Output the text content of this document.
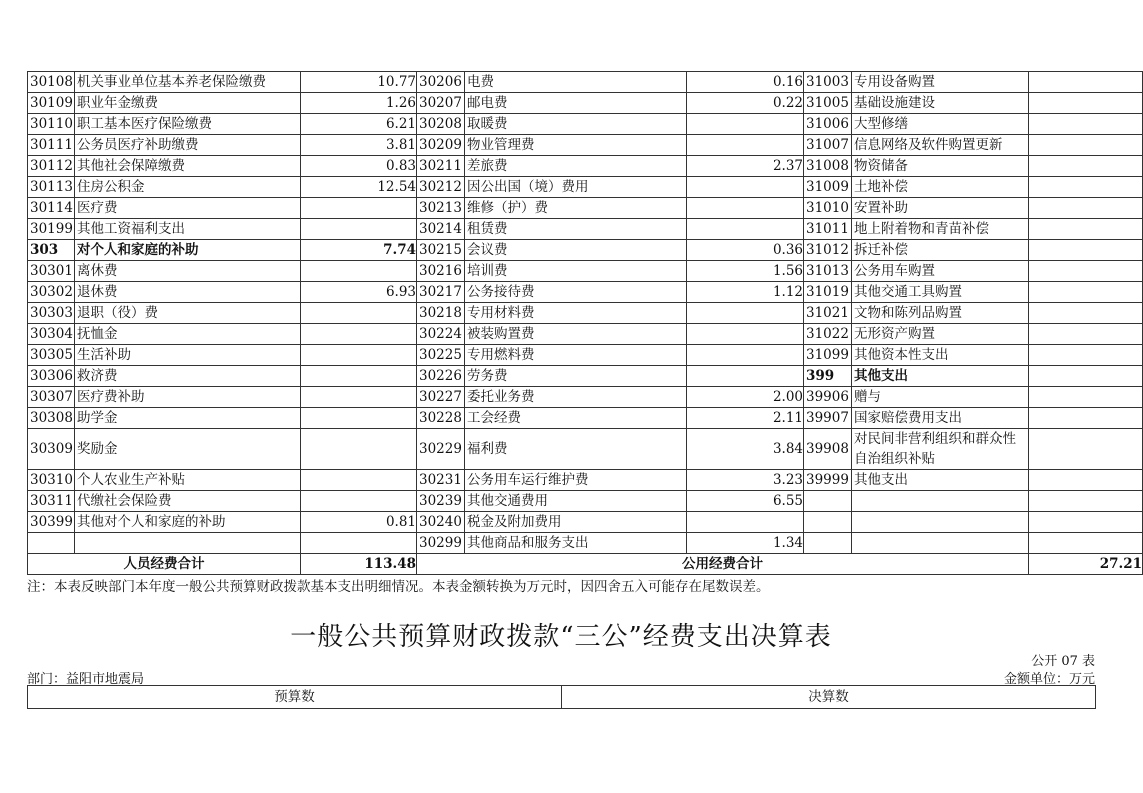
30108	机关事业单位基本养老保险缴费	10.77	30206	电费	0.16	31003	专用设备购置	
30109	职业年金缴费	1.26	30207	邮电费	0.22	31005	基础设施建设	
30110	职工基本医疗保险缴费	6.21	30208	取暖费		31006	大型修缮	
30111	公务员医疗补助缴费	3.81	30209	物业管理费		31007	信息网络及软件购置更新	
30112	其他社会保障缴费	0.83	30211	差旅费	2.37	31008	物资储备	
30113	住房公积金	12.54	30212	因公出国（境）费用		31009	土地补偿	
30114	医疗费		30213	维修（护）费		31010	安置补助	
30199	其他工资福利支出		30214	租赁费		31011	地上附着物和青苗补偿	
303	对个人和家庭的补助	7.74	30215	会议费	0.36	31012	拆迁补偿	
30301	离休费		30216	培训费	1.56	31013	公务用车购置	
30302	退休费	6.93	30217	公务接待费	1.12	31019	其他交通工具购置	
30303	退职（役）费		30218	专用材料费		31021	文物和陈列品购置	
30304	抚恤金		30224	被装购置费		31022	无形资产购置	
30305	生活补助		30225	专用燃料费		31099	其他资本性支出	
30306	救济费		30226	劳务费		399	其他支出	
30307	医疗费补助		30227	委托业务费	2.00	39906	赠与	
30308	助学金		30228	工会经费	2.11	39907	国家赔偿费用支出	
30309	奖励金		30229	福利费	3.84	39908	对民间非营利组织和群众性自治组织补贴	
30310	个人农业生产补贴		30231	公务用车运行维护费	3.23	39999	其他支出	
30311	代缴社会保险费		30239	其他交通费用	6.55			
30399	其他对个人和家庭的补助	0.81	30240	税金及附加费用				
			30299	其他商品和服务支出	1.34			
人员经费合计		113.48	公用经费合计					27.21
注：本表反映部门本年度一般公共预算财政拨款基本支出明细情况。本表金额转换为万元时，因四舍五入可能存在尾数误差。
一般公共预算财政拨款“三公”经费支出决算表
公开 07 表
部门：益阳市地震局	金额单位：万元
预算数	决算数
